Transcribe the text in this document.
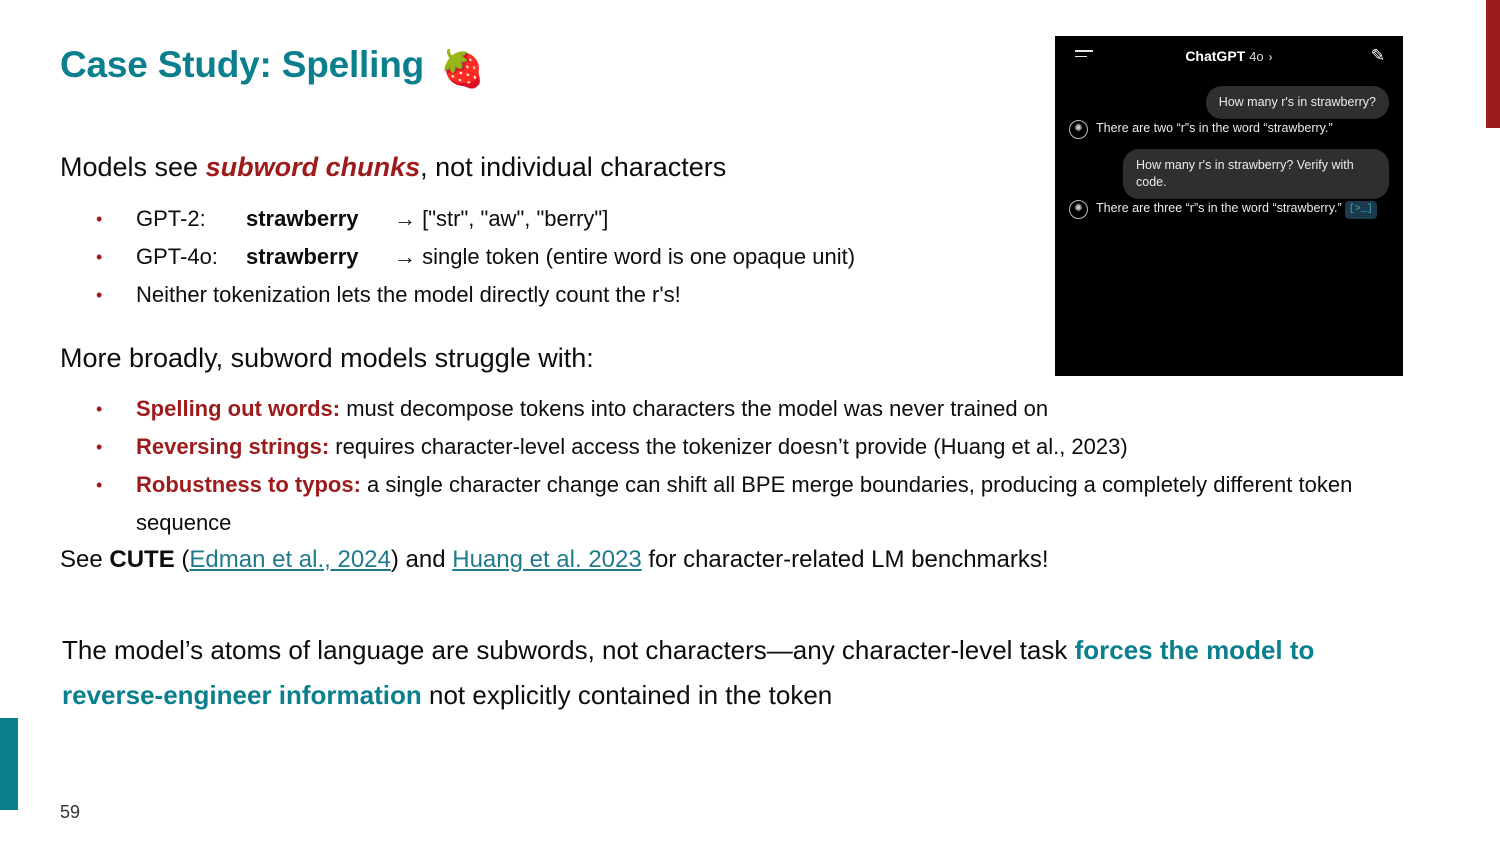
Case Study: Spelling 🍓
Models see subword chunks, not individual characters
• GPT-2: strawberry → ["str", "aw", "berry"]
• GPT-4o: strawberry → single token (entire word is one opaque unit)
• Neither tokenization lets the model directly count the r's!
More broadly, subword models struggle with:
• Spelling out words: must decompose tokens into characters the model was never trained on
• Reversing strings: requires character-level access the tokenizer doesn’t provide (Huang et al., 2023)
• Robustness to typos: a single character change can shift all BPE merge boundaries, producing a completely different token sequence
See CUTE (Edman et al., 2024) and Huang et al. 2023 for character-related LM benchmarks!
The model’s atoms of language are subwords, not characters—any character-level task forces the model to reverse-engineer information not explicitly contained in the token
59
ChatGPT 4o ›	✎
How many r's in strawberry?
✺	There are two “r”s in the word “strawberry.”
How many r's in strawberry? Verify with code.
✺	There are three “r”s in the word “strawberry.” [>_]
